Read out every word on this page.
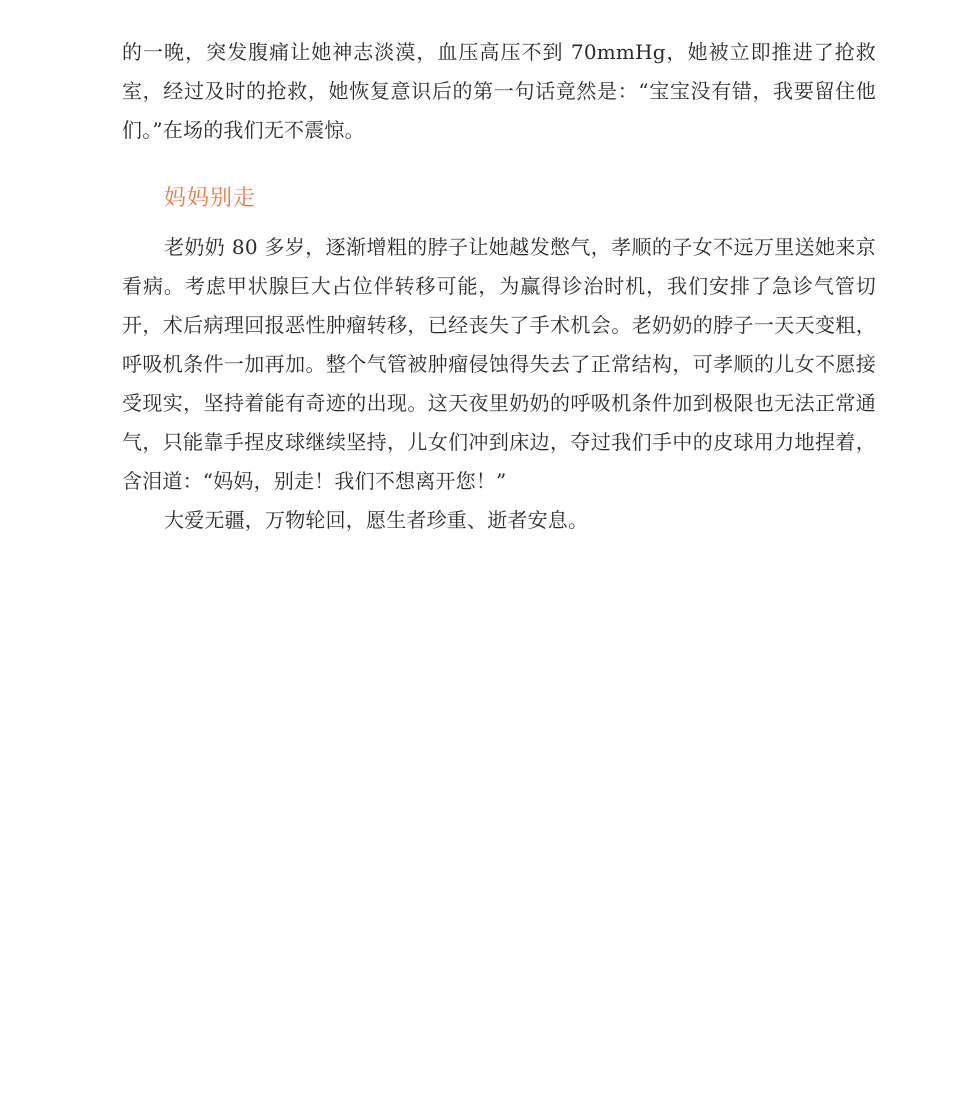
的一晚，突发腹痛让她神志淡漠，血压高压不到 70mmHg，她被立即推进了抢救室，经过及时的抢救，她恢复意识后的第一句话竟然是：“宝宝没有错，我要留住他们。”在场的我们无不震惊。

妈妈别走

老奶奶 80 多岁，逐渐增粗的脖子让她越发憋气，孝顺的子女不远万里送她来京看病。考虑甲状腺巨大占位伴转移可能，为赢得诊治时机，我们安排了急诊气管切开，术后病理回报恶性肿瘤转移，已经丧失了手术机会。老奶奶的脖子一天天变粗，呼吸机条件一加再加。整个气管被肿瘤侵蚀得失去了正常结构，可孝顺的儿女不愿接受现实，坚持着能有奇迹的出现。这天夜里奶奶的呼吸机条件加到极限也无法正常通气，只能靠手捏皮球继续坚持，儿女们冲到床边，夺过我们手中的皮球用力地捏着，含泪道：“妈妈，别走！我们不想离开您！”

大爱无疆，万物轮回，愿生者珍重、逝者安息。
